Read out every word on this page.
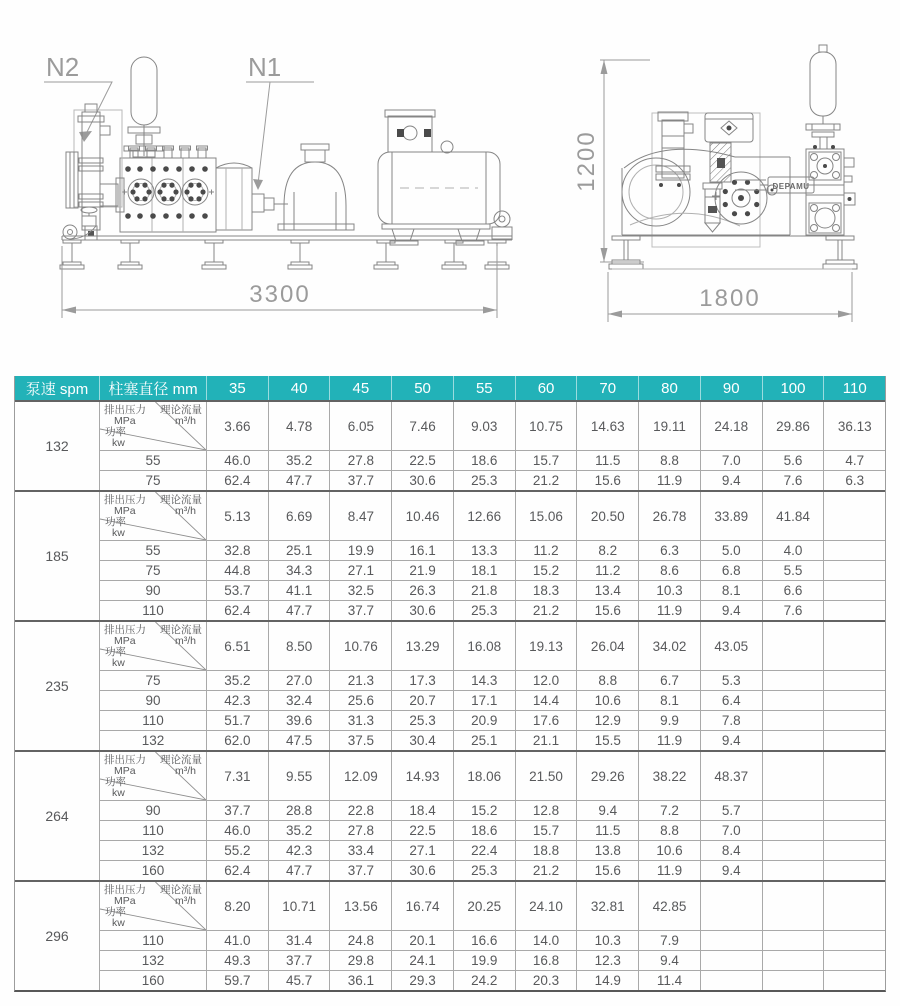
N2	N1
3300
DEPAMU
1200
1800
泵速 spm	柱塞直径 mm	35	40	45	50	55	60	70	80	90	100	110
132
排出压力
MPa
理论流量
m³/h
功率
kw
3.66	4.78	6.05	7.46	9.03	10.75	14.63	19.11	24.18	29.86	36.13
55	46.0	35.2	27.8	22.5	18.6	15.7	11.5	8.8	7.0	5.6	4.7
75	62.4	47.7	37.7	30.6	25.3	21.2	15.6	11.9	9.4	7.6	6.3
185
排出压力
MPa
理论流量
m³/h
功率
kw
5.13	6.69	8.47	10.46	12.66	15.06	20.50	26.78	33.89	41.84
55	32.8	25.1	19.9	16.1	13.3	11.2	8.2	6.3	5.0	4.0
75	44.8	34.3	27.1	21.9	18.1	15.2	11.2	8.6	6.8	5.5
90	53.7	41.1	32.5	26.3	21.8	18.3	13.4	10.3	8.1	6.6
110	62.4	47.7	37.7	30.6	25.3	21.2	15.6	11.9	9.4	7.6
235
排出压力
MPa
理论流量
m³/h
功率
kw
6.51	8.50	10.76	13.29	16.08	19.13	26.04	34.02	43.05
75	35.2	27.0	21.3	17.3	14.3	12.0	8.8	6.7	5.3
90	42.3	32.4	25.6	20.7	17.1	14.4	10.6	8.1	6.4
110	51.7	39.6	31.3	25.3	20.9	17.6	12.9	9.9	7.8
132	62.0	47.5	37.5	30.4	25.1	21.1	15.5	11.9	9.4
264
排出压力
MPa
理论流量
m³/h
功率
kw
7.31	9.55	12.09	14.93	18.06	21.50	29.26	38.22	48.37
90	37.7	28.8	22.8	18.4	15.2	12.8	9.4	7.2	5.7
110	46.0	35.2	27.8	22.5	18.6	15.7	11.5	8.8	7.0
132	55.2	42.3	33.4	27.1	22.4	18.8	13.8	10.6	8.4
160	62.4	47.7	37.7	30.6	25.3	21.2	15.6	11.9	9.4
296
排出压力
MPa
理论流量
m³/h
功率
kw
8.20	10.71	13.56	16.74	20.25	24.10	32.81	42.85
110	41.0	31.4	24.8	20.1	16.6	14.0	10.3	7.9
132	49.3	37.7	29.8	24.1	19.9	16.8	12.3	9.4
160	59.7	45.7	36.1	29.3	24.2	20.3	14.9	11.4
